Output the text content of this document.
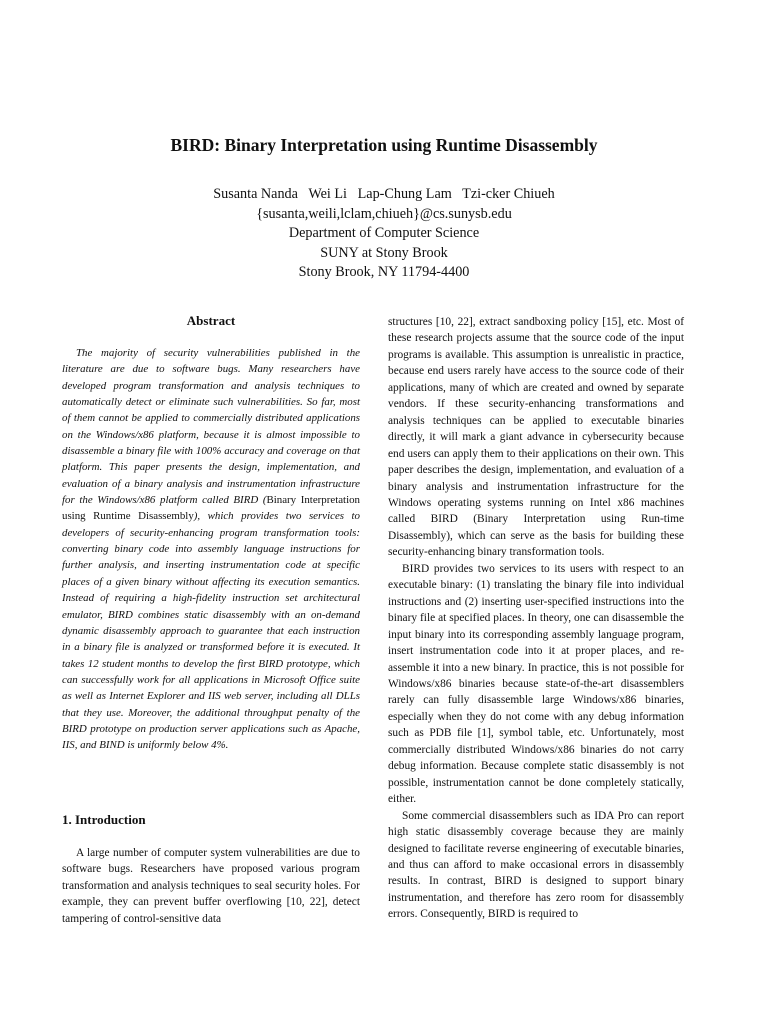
BIRD: Binary Interpretation using Runtime Disassembly
Susanta Nanda   Wei Li   Lap-Chung Lam   Tzi-cker Chiueh
{susanta,weili,lclam,chiueh}@cs.sunysb.edu
Department of Computer Science
SUNY at Stony Brook
Stony Brook, NY 11794-4400
Abstract

The majority of security vulnerabilities published in the literature are due to software bugs. Many researchers have developed program transformation and analysis techniques to automatically detect or eliminate such vulnerabilities. So far, most of them cannot be applied to commercially distributed applications on the Windows/x86 platform, because it is almost impossible to disassemble a binary file with 100% accuracy and coverage on that platform. This paper presents the design, implementation, and evaluation of a binary analysis and instrumentation infrastructure for the Windows/x86 platform called BIRD (Binary Interpretation using Runtime Disassembly), which provides two services to developers of security-enhancing program transformation tools: converting binary code into assembly language instructions for further analysis, and inserting instrumentation code at specific places of a given binary without affecting its execution semantics. Instead of requiring a high-fidelity instruction set architectural emulator, BIRD combines static disassembly with an on-demand dynamic disassembly approach to guarantee that each instruction in a binary file is analyzed or transformed before it is executed. It takes 12 student months to develop the first BIRD prototype, which can successfully work for all applications in Microsoft Office suite as well as Internet Explorer and IIS web server, including all DLLs that they use. Moreover, the additional throughput penalty of the BIRD prototype on production server applications such as Apache, IIS, and BIND is uniformly below 4%.

1. Introduction

A large number of computer system vulnerabilities are due to software bugs. Researchers have proposed various program transformation and analysis techniques to seal security holes. For example, they can prevent buffer overflowing [10, 22], detect tampering of control-sensitive data

structures [10, 22], extract sandboxing policy [15], etc. Most of these research projects assume that the source code of the input programs is available. This assumption is unrealistic in practice, because end users rarely have access to the source code of their applications, many of which are created and owned by separate vendors. If these security-enhancing transformations and analysis techniques can be applied to executable binaries directly, it will mark a giant advance in cybersecurity because end users can apply them to their applications on their own. This paper describes the design, implementation, and evaluation of a binary analysis and instrumentation infrastructure for the Windows operating systems running on Intel x86 machines called BIRD (Binary Interpretation using Run-time Disassembly), which can serve as the basis for building these security-enhancing binary transformation tools.

BIRD provides two services to its users with respect to an executable binary: (1) translating the binary file into individual instructions and (2) inserting user-specified instructions into the binary file at specified places. In theory, one can disassemble the input binary into its corresponding assembly language program, insert instrumentation code into it at proper places, and re-assemble it into a new binary. In practice, this is not possible for Windows/x86 binaries because state-of-the-art disassemblers rarely can fully disassemble large Windows/x86 binaries, especially when they do not come with any debug information such as PDB file [1], symbol table, etc. Unfortunately, most commercially distributed Windows/x86 binaries do not carry debug information. Because complete static disassembly is not possible, instrumentation cannot be done completely statically, either.

Some commercial disassemblers such as IDA Pro can report high static disassembly coverage because they are mainly designed to facilitate reverse engineering of executable binaries, and thus can afford to make occasional errors in disassembly results. In contrast, BIRD is designed to support binary instrumentation, and therefore has zero room for disassembly errors. Consequently, BIRD is required to
